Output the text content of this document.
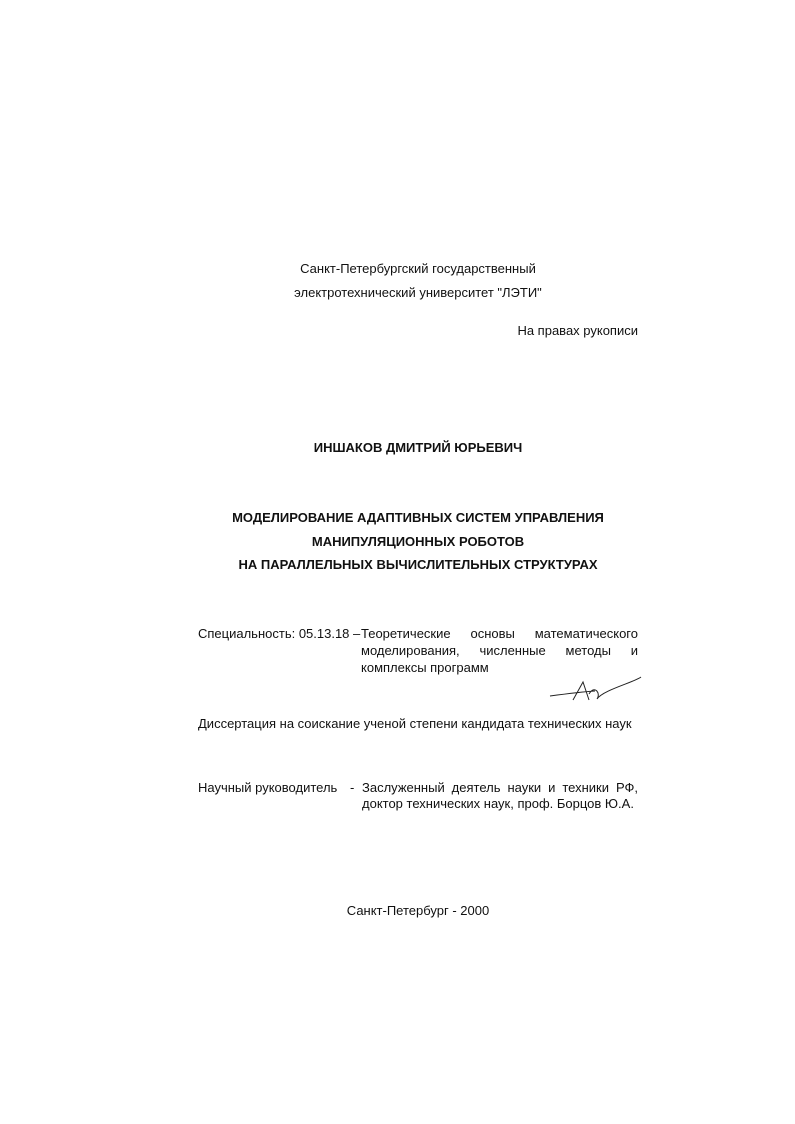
Санкт-Петербургский государственный
электротехнический университет "ЛЭТИ"
На правах рукописи
ИНШАКОВ ДМИТРИЙ ЮРЬЕВИЧ
МОДЕЛИРОВАНИЕ АДАПТИВНЫХ СИСТЕМ УПРАВЛЕНИЯ
МАНИПУЛЯЦИОННЫХ РОБОТОВ
НА ПАРАЛЛЕЛЬНЫХ ВЫЧИСЛИТЕЛЬНЫХ СТРУКТУРАХ
Специальность: 05.13.18 – Теоретические основы математического
моделирования, численные методы и
комплексы программ
Диссертация на соискание ученой степени кандидата технических наук
Научный руководитель - Заслуженный деятель науки и техники РФ,
доктор технических наук, проф. Борцов Ю.А.
Санкт-Петербург - 2000
